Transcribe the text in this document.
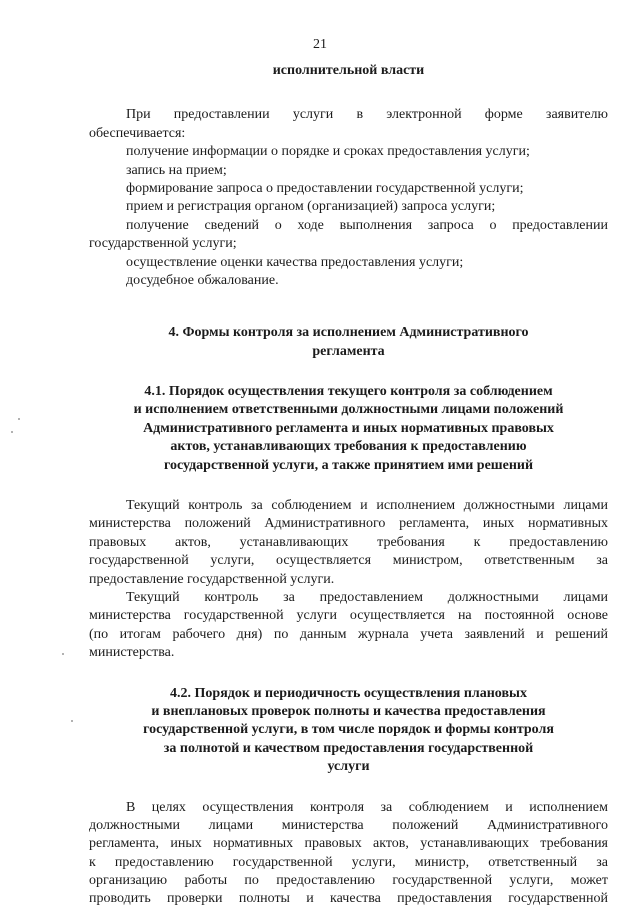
21
исполнительной власти
При предоставлении услуги в электронной форме заявителю
обеспечивается:
получение информации о порядке и сроках предоставления услуги;
запись на прием;
формирование запроса о предоставлении государственной услуги;
прием и регистрация органом (организацией) запроса услуги;
получение сведений о ходе выполнения запроса о предоставлении
государственной услуги;
осуществление оценки качества предоставления услуги;
досудебное обжалование.
4. Формы контроля за исполнением Административного
регламента
4.1. Порядок осуществления текущего контроля за соблюдением
и исполнением ответственными должностными лицами положений
Административного регламента и иных нормативных правовых
актов, устанавливающих требования к предоставлению
государственной услуги, а также принятием ими решений
Текущий контроль за соблюдением и исполнением должностными лицами
министерства положений Административного регламента, иных нормативных
правовых актов, устанавливающих требования к предоставлению
государственной услуги, осуществляется министром, ответственным за
предоставление государственной услуги.
Текущий контроль за предоставлением должностными лицами
министерства государственной услуги осуществляется на постоянной основе
(по итогам рабочего дня) по данным журнала учета заявлений и решений
министерства.
4.2. Порядок и периодичность осуществления плановых
и внеплановых проверок полноты и качества предоставления
государственной услуги, в том числе порядок и формы контроля
за полнотой и качеством предоставления государственной
услуги
В целях осуществления контроля за соблюдением и исполнением
должностными лицами министерства положений Административного
регламента, иных нормативных правовых актов, устанавливающих требования
к предоставлению государственной услуги, министр, ответственный за
организацию работы по предоставлению государственной услуги, может
проводить проверки полноты и качества предоставления государственной
